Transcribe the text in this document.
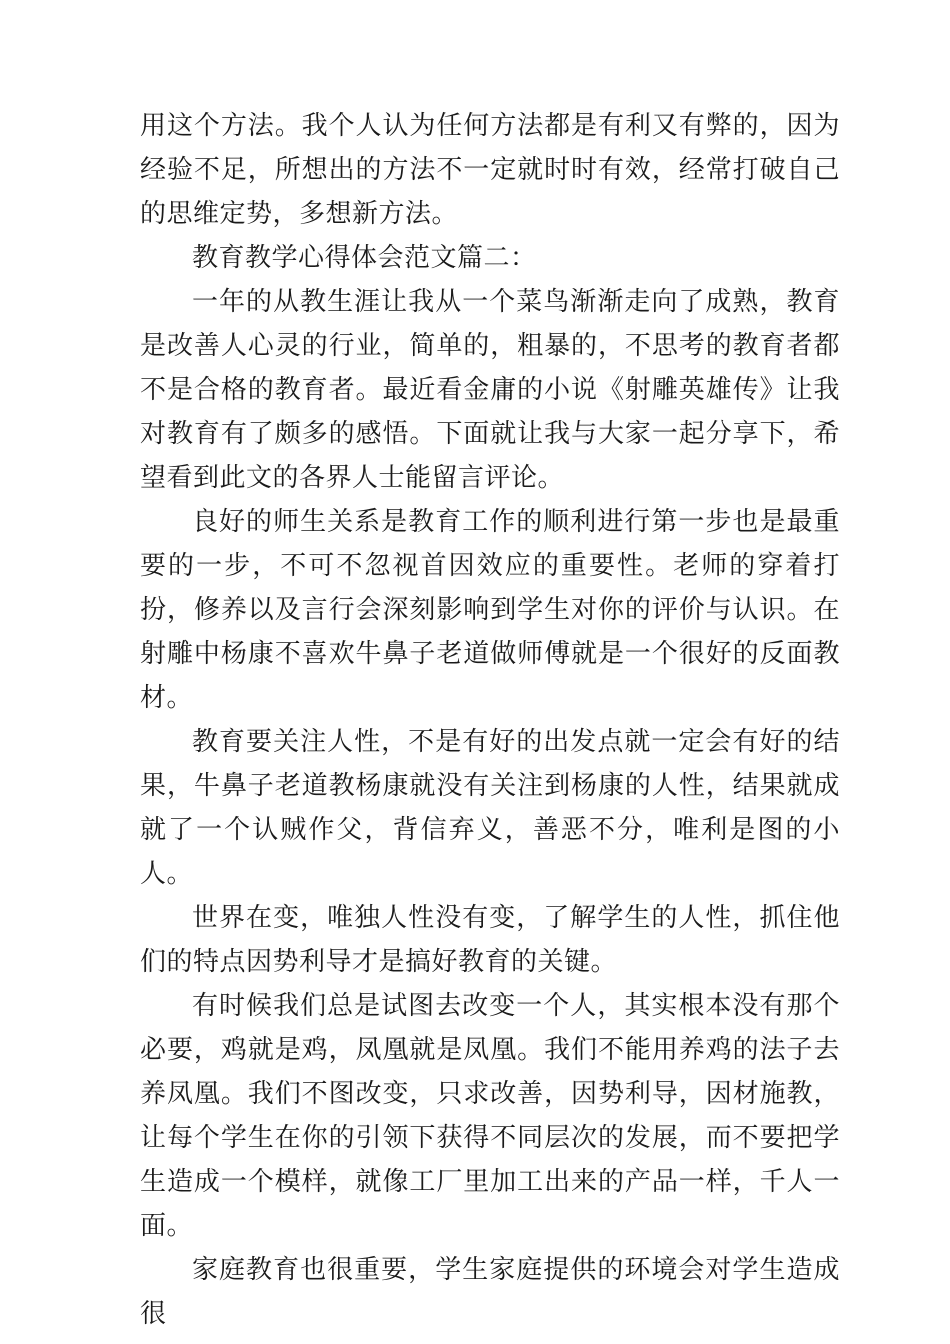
用这个方法。我个人认为任何方法都是有利又有弊的，因为经验不足，所想出的方法不一定就时时有效，经常打破自己的思维定势，多想新方法。

教育教学心得体会范文篇二：

一年的从教生涯让我从一个菜鸟渐渐走向了成熟，教育是改善人心灵的行业，简单的，粗暴的，不思考的教育者都不是合格的教育者。最近看金庸的小说《射雕英雄传》让我对教育有了颇多的感悟。下面就让我与大家一起分享下，希望看到此文的各界人士能留言评论。

良好的师生关系是教育工作的顺利进行第一步也是最重要的一步，不可不忽视首因效应的重要性。老师的穿着打扮，修养以及言行会深刻影响到学生对你的评价与认识。在射雕中杨康不喜欢牛鼻子老道做师傅就是一个很好的反面教材。

教育要关注人性，不是有好的出发点就一定会有好的结果，牛鼻子老道教杨康就没有关注到杨康的人性，结果就成就了一个认贼作父，背信弃义，善恶不分，唯利是图的小人。

世界在变，唯独人性没有变，了解学生的人性，抓住他们的特点因势利导才是搞好教育的关键。

有时候我们总是试图去改变一个人，其实根本没有那个必要，鸡就是鸡，凤凰就是凤凰。我们不能用养鸡的法子去养凤凰。我们不图改变，只求改善，因势利导，因材施教，让每个学生在你的引领下获得不同层次的发展，而不要把学生造成一个模样，就像工厂里加工出来的产品一样，千人一面。

家庭教育也很重要，学生家庭提供的环境会对学生造成很
